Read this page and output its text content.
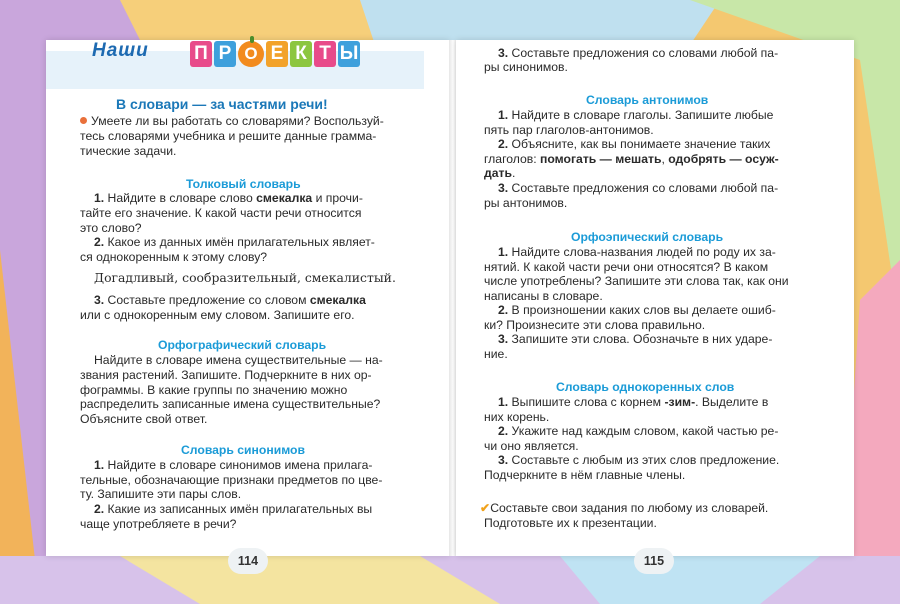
Наши П Р О Е К Т Ы

В словари — за частями речи!

Умеете ли вы работать со словарями? Воспользуй-

тесь словарями учебника и решите данные грамма-

тические задачи.

Толковый словарь

1. Найдите в словаре слово смекалка и прочи-

тайте его значение. К какой части речи относится

это слово?

2. Какое из данных имён прилагательных являет-

ся однокоренным к этому слову?

Догадливый, сообразительный, смекалистый.

3. Составьте предложение со словом смекалка

или с однокоренным ему словом. Запишите его.

Орфографический словарь

Найдите в словаре имена существительные — на-

звания растений. Запишите. Подчеркните в них ор-

фограммы. В какие группы по значению можно

распределить записанные имена существительные?

Объясните свой ответ.

Словарь синонимов

1. Найдите в словаре синонимов имена прилага-

тельные, обозначающие признаки предметов по цве-

ту. Запишите эти пары слов.

2. Какие из записанных имён прилагательных вы

чаще употребляете в речи?

114

3. Составьте предложения со словами любой па-

ры синонимов.

Словарь антонимов

1. Найдите в словаре глаголы. Запишите любые

пять пар глаголов-антонимов.

2. Объясните, как вы понимаете значение таких

глаголов: помогать — мешать, одобрять — осуж-

дать.

3. Составьте предложения со словами любой па-

ры антонимов.

Орфоэпический словарь

1. Найдите слова-названия людей по роду их за-

нятий. К какой части речи они относятся? В каком

числе употреблены? Запишите эти слова так, как они

написаны в словаре.

2. В произношении каких слов вы делаете ошиб-

ки? Произнесите эти слова правильно.

3. Запишите эти слова. Обозначьте в них ударе-

ние.

Словарь однокоренных слов

1. Выпишите слова с корнем -зим-. Выделите в

них корень.

2. Укажите над каждым словом, какой частью ре-

чи оно является.

3. Составьте с любым из этих слов предложение.

Подчеркните в нём главные члены.

✔Составьте свои задания по любому из словарей.

Подготовьте их к презентации.

115
